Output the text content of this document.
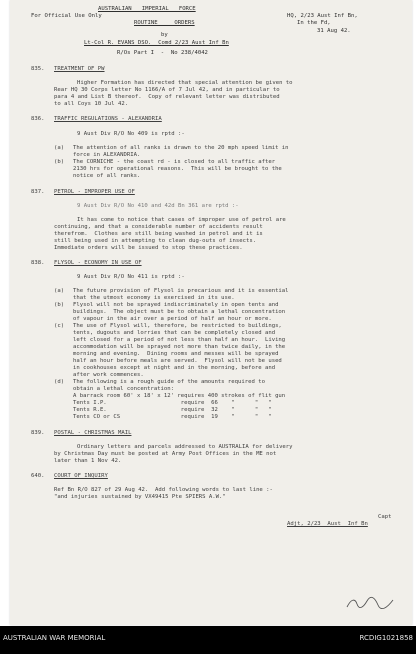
AUSTRALIAN   IMPERIAL   FORCE
For Official Use Only	HQ, 2/23 Aust Inf Bn,
ROUTINE     ORDERS	In the Fd,
31 Aug 42.
by
Lt-Col R. EVANS DSO.  Comd 2/23 Aust Inf Bn
R/Os Part I  -  No 238/4042
835. TREATMENT OF PW
Higher Formation has directed that special attention be given to
Rear HQ 30 Corps letter No 1166/A of 7 Jul 42, and in particular to
para 4 and List B thereof.  Copy of relevant letter was distributed
to all Coys 10 Jul 42.
836. TRAFFIC REGULATIONS - ALEXANDRIA
9 Aust Div R/O No 409 is rptd :-
(a) The attention of all ranks is drawn to the 20 mph speed limit in
force in ALEXANDRIA.
(b) The CORNICHE - the coast rd - is closed to all traffic after
2130 hrs for operational reasons.  This will be brought to the
notice of all ranks.
837. PETROL - IMPROPER USE OF
9 Aust Div R/O No 410 and 42d Bn 361 are rptd :-
It has come to notice that cases of improper use of petrol are
continuing, and that a considerable number of accidents result
therefrom.  Clothes are still being washed in petrol and it is
still being used in attempting to clean dug-outs of insects.
Immediate orders will be issued to stop these practices.
838. FLYSOL - ECONOMY IN USE OF
9 Aust Div R/O No 411 is rptd :-
(a) The future provision of Flysol is precarious and it is essential
that the utmost economy is exercised in its use.
(b) Flysol will not be sprayed indiscriminately in open tents and
buildings.  The object must be to obtain a lethal concentration
of vapour in the air over a period of half an hour or more.
(c) The use of Flysol will, therefore, be restricted to buildings,
tents, dugouts and lorries that can be completely closed and
left closed for a period of not less than half an hour.  Living
accommodation will be sprayed not more than twice daily, in the
morning and evening.  Dining rooms and messes will be sprayed
half an hour before meals are served.  Flysol will not be used
in cookhouses except at night and in the morning, before and
after work commences.
(d) The following is a rough guide of the amounts required to
obtain a lethal concentration:
A barrack room 60' x 18' x 12' requires 400 strokes of flit gun
Tents I.P.                      require  66    "      "   "
Tents R.E.                      require  32    "      "   "
Tents CO or CS                  require  19    "      "   "
839. POSTAL - CHRISTMAS MAIL
Ordinary letters and parcels addressed to AUSTRALIA for delivery
by Christmas Day must be posted at Army Post Offices in the ME not
later than 1 Nov 42.
640. COURT OF INQUIRY
Ref Bn R/O 827 of 29 Aug 42.  Add following words to last line :-
"and injuries sustained by VX49415 Pte SPIERS A.W."
Capt
Adjt, 2/23  Aust  Inf Bn
AUSTRALIAN WAR MEMORIAL	RCDIG1021858
